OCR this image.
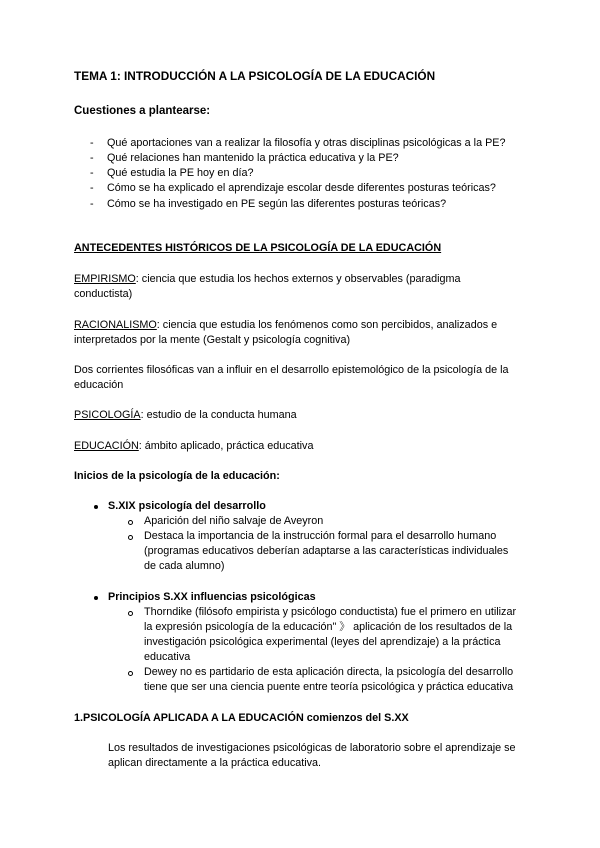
TEMA 1: INTRODUCCIÓN A LA PSICOLOGÍA DE LA EDUCACIÓN
Cuestiones a plantearse:
- Qué aportaciones van a realizar la filosofía y otras disciplinas psicológicas a la PE?
- Qué relaciones han mantenido la práctica educativa y la PE?
- Qué estudia la PE hoy en día?
- Cómo se ha explicado el aprendizaje escolar desde diferentes posturas teóricas?
- Cómo se ha investigado en PE según las diferentes posturas teóricas?
ANTECEDENTES HISTÓRICOS DE LA PSICOLOGÍA DE LA EDUCACIÓN
EMPIRISMO: ciencia que estudia los hechos externos y observables (paradigma
conductista)
RACIONALISMO: ciencia que estudia los fenómenos como son percibidos, analizados e
interpretados por la mente (Gestalt y psicología cognitiva)
Dos corrientes filosóficas van a influir en el desarrollo epistemológico de la psicología de la
educación
PSICOLOGÍA: estudio de la conducta humana
EDUCACIÓN: ámbito aplicado, práctica educativa
Inicios de la psicología de la educación:
S.XIX psicología del desarrollo
Aparición del niño salvaje de Aveyron
Destaca la importancia de la instrucción formal para el desarrollo humano
(programas educativos deberían adaptarse a las características individuales
de cada alumno)
Principios S.XX influencias psicológicas
Thorndike (filósofo empirista y psicólogo conductista) fue el primero en utilizar
la expresión psicología de la educación" 》 aplicación de los resultados de la
investigación psicológica experimental (leyes del aprendizaje) a la práctica
educativa
Dewey no es partidario de esta aplicación directa, la psicología del desarrollo
tiene que ser una ciencia puente entre teoría psicológica y práctica educativa
1.PSICOLOGÍA APLICADA A LA EDUCACIÓN comienzos del S.XX
Los resultados de investigaciones psicológicas de laboratorio sobre el aprendizaje se
aplican directamente a la práctica educativa.
